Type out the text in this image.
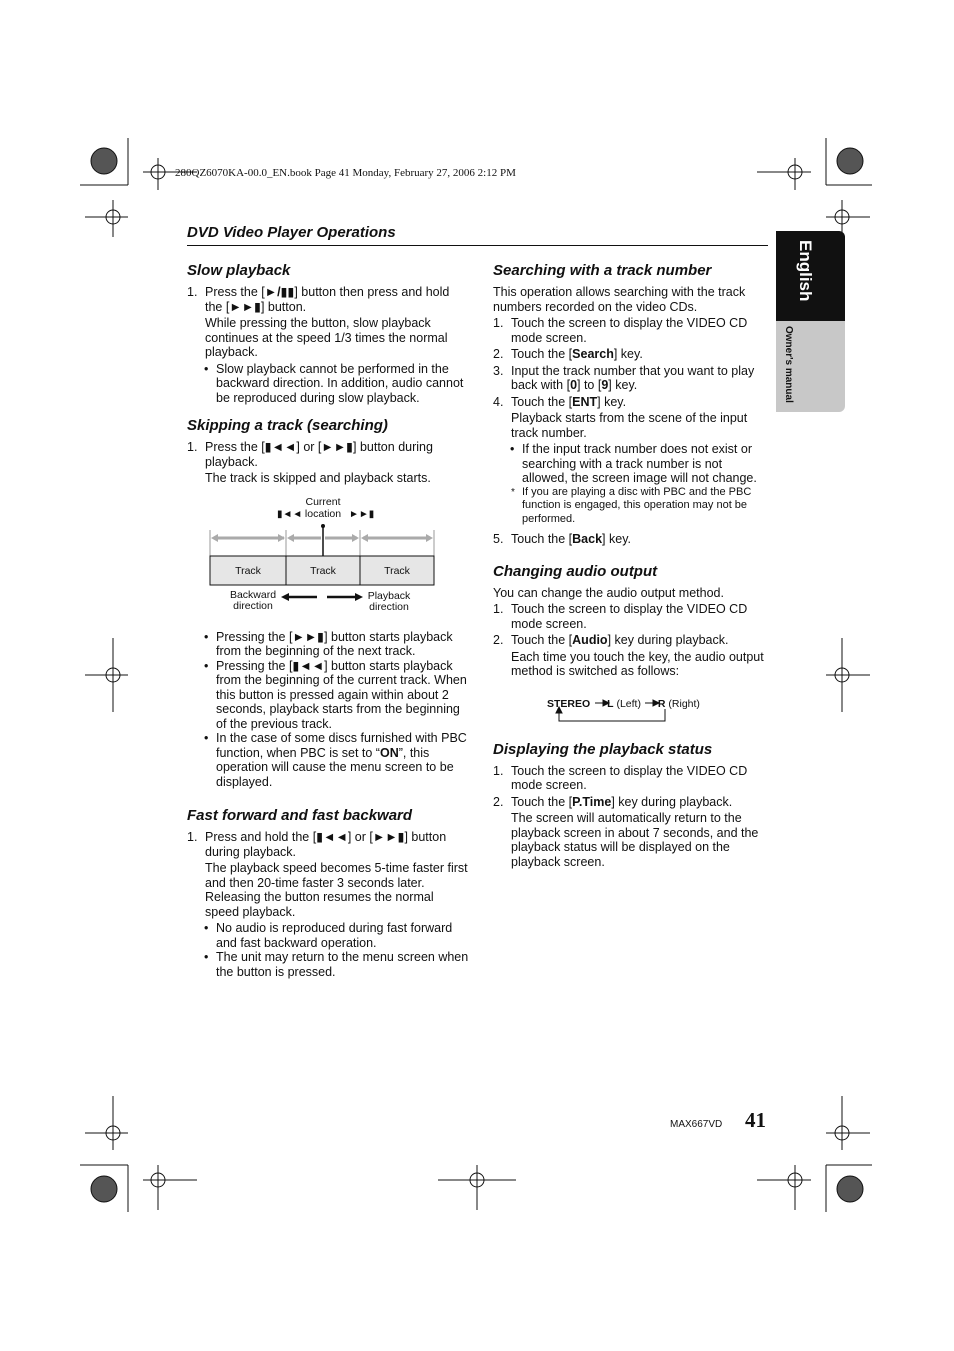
280QZ6070KA-00.0_EN.book Page 41 Monday, February 27, 2006 2:12 PM
DVD Video Player Operations
English
Owner's manual
Slow playback
1. Press the [►/▮▮] button then press and hold the [►►▮] button.
While pressing the button, slow playback continues at the speed 1/3 times the normal playback.
• Slow playback cannot be performed in the backward direction. In addition, audio cannot be reproduced during slow playback.
Skipping a track (searching)
1. Press the [▮◄◄] or [►►▮] button during playback.
The track is skipped and playback starts.
Current
location
▮◄◄	►►▮
Track	Track	Track
Backward
direction
Playback
direction
• Pressing the [►►▮] button starts playback from the beginning of the next track.
• Pressing the [▮◄◄] button starts playback from the beginning of the current track. When this button is pressed again within about 2 seconds, playback starts from the beginning of the previous track.
• In the case of some discs furnished with PBC function, when PBC is set to “ON”, this operation will cause the menu screen to be displayed.
Fast forward and fast backward
1. Press and hold the [▮◄◄] or [►►▮] button during playback.
The playback speed becomes 5-time faster first and then 20-time faster 3 seconds later. Releasing the button resumes the normal speed playback.
• No audio is reproduced during fast forward and fast backward operation.
• The unit may return to the menu screen when the button is pressed.
Searching with a track number
This operation allows searching with the track numbers recorded on the video CDs.
1. Touch the screen to display the VIDEO CD mode screen.
2. Touch the [Search] key.
3. Input the track number that you want to play back with [0] to [9] key.
4. Touch the [ENT] key.
Playback starts from the scene of the input track number.
• If the input track number does not exist or searching with a track number is not allowed, the screen image will not change.
* If you are playing a disc with PBC and the PBC function is engaged, this operation may not be performed.
5. Touch the [Back] key.
Changing audio output
You can change the audio output method.
1. Touch the screen to display the VIDEO CD mode screen.
2. Touch the [Audio] key during playback.
Each time you touch the key, the audio output method is switched as follows:
STEREO L (Left) R (Right)
Displaying the playback status
1. Touch the screen to display the VIDEO CD mode screen.
2. Touch the [P.Time] key during playback.
The screen will automatically return to the playback screen in about 7 seconds, and the playback status will be displayed on the playback screen.
MAX667VD 41
